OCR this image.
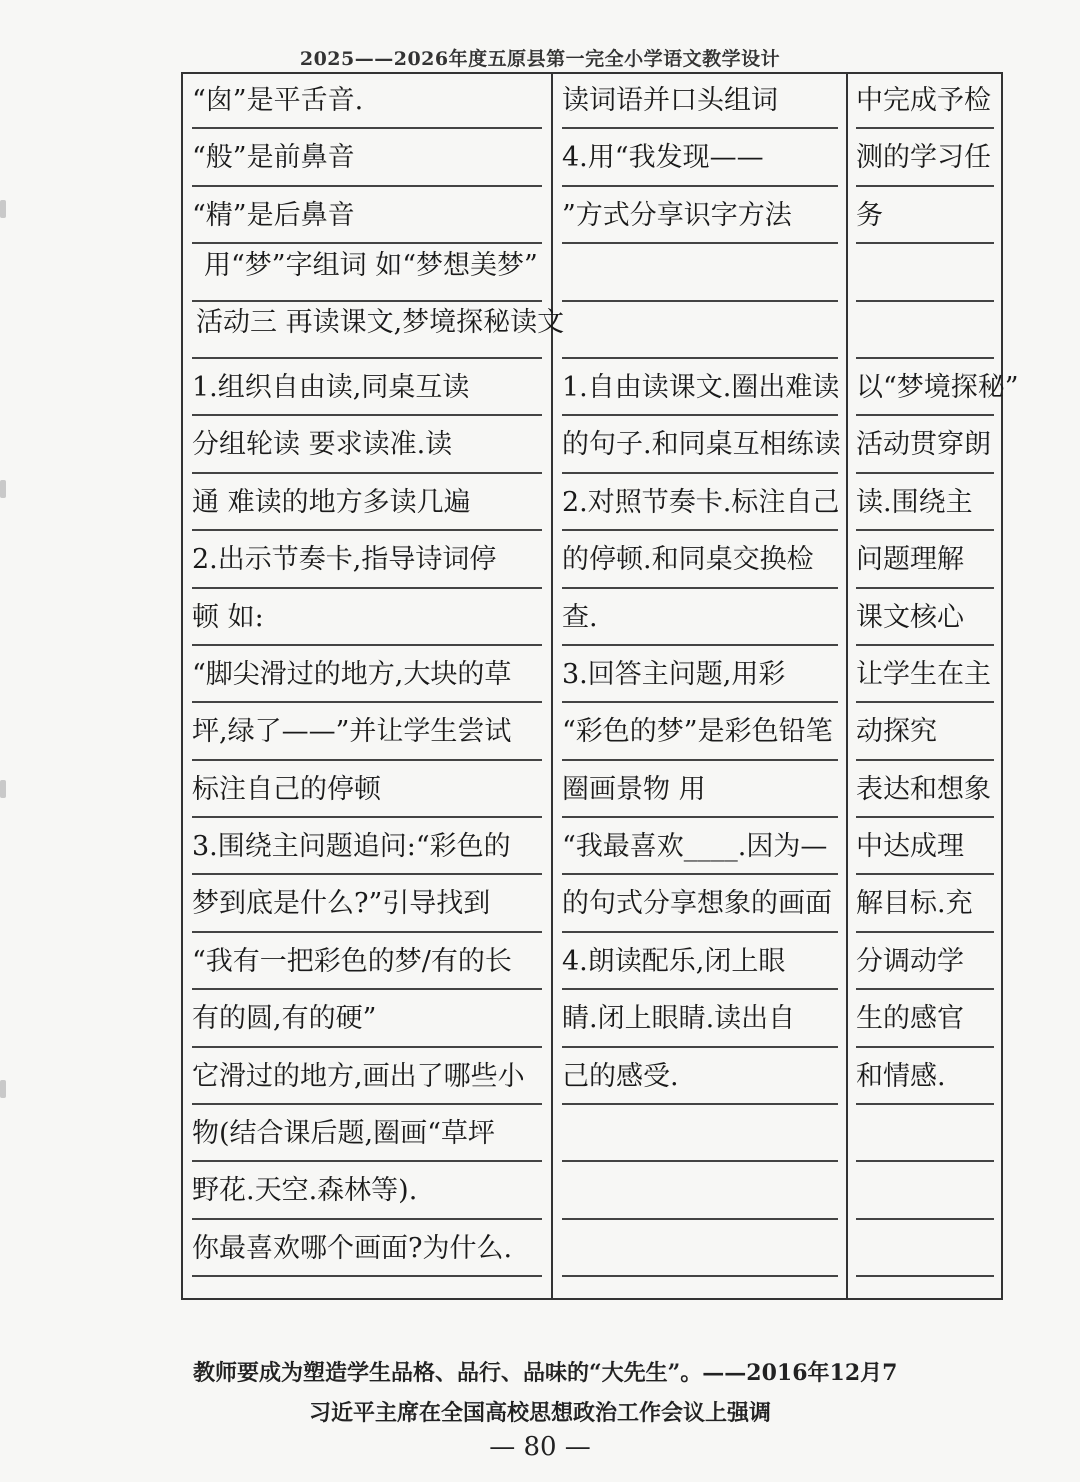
2025——2026年度五原县第一完全小学语文教学设计
“囱”是平舌音.
“般”是前鼻音
“精”是后鼻音
1.组织自由读,同桌互读
分组轮读 要求读准.读
通 难读的地方多读几遍
2.出示节奏卡,指导诗词停
顿 如:
“脚尖滑过的地方,大块的草
坪,绿了——”并让学生尝试
标注自己的停顿
3.围绕主问题追问:“彩色的
梦到底是什么?”引导找到
“我有一把彩色的梦/有的长
有的圆,有的硬”
它滑过的地方,画出了哪些小
物(结合课后题,圈画“草坪
野花.天空.森林等).
你最喜欢哪个画面?为什么.
读词语并口头组词
4.用“我发现——
”方式分享识字方法
1.自由读课文.圈出难读
的句子.和同桌互相练读
2.对照节奏卡.标注自己
的停顿.和同桌交换检
查.
3.回答主问题,用彩
“彩色的梦”是彩色铅笔
圈画景物 用
“我最喜欢____.因为—
的句式分享想象的画面
4.朗读配乐,闭上眼
睛.闭上眼睛.读出自
己的感受.
中完成予检
测的学习任
务
以“梦境探秘”
活动贯穿朗
读.围绕主
问题理解
课文核心
让学生在主
动探究
表达和想象
中达成理
解目标.充
分调动学
生的感官
和情感.
用“梦”字组词 如“梦想美梦”
活动三 再读课文,梦境探秘读文
教师要成为塑造学生品格、品行、品味的“大先生”。——2016年12月7
习近平主席在全国高校思想政治工作会议上强调
— 80 —
